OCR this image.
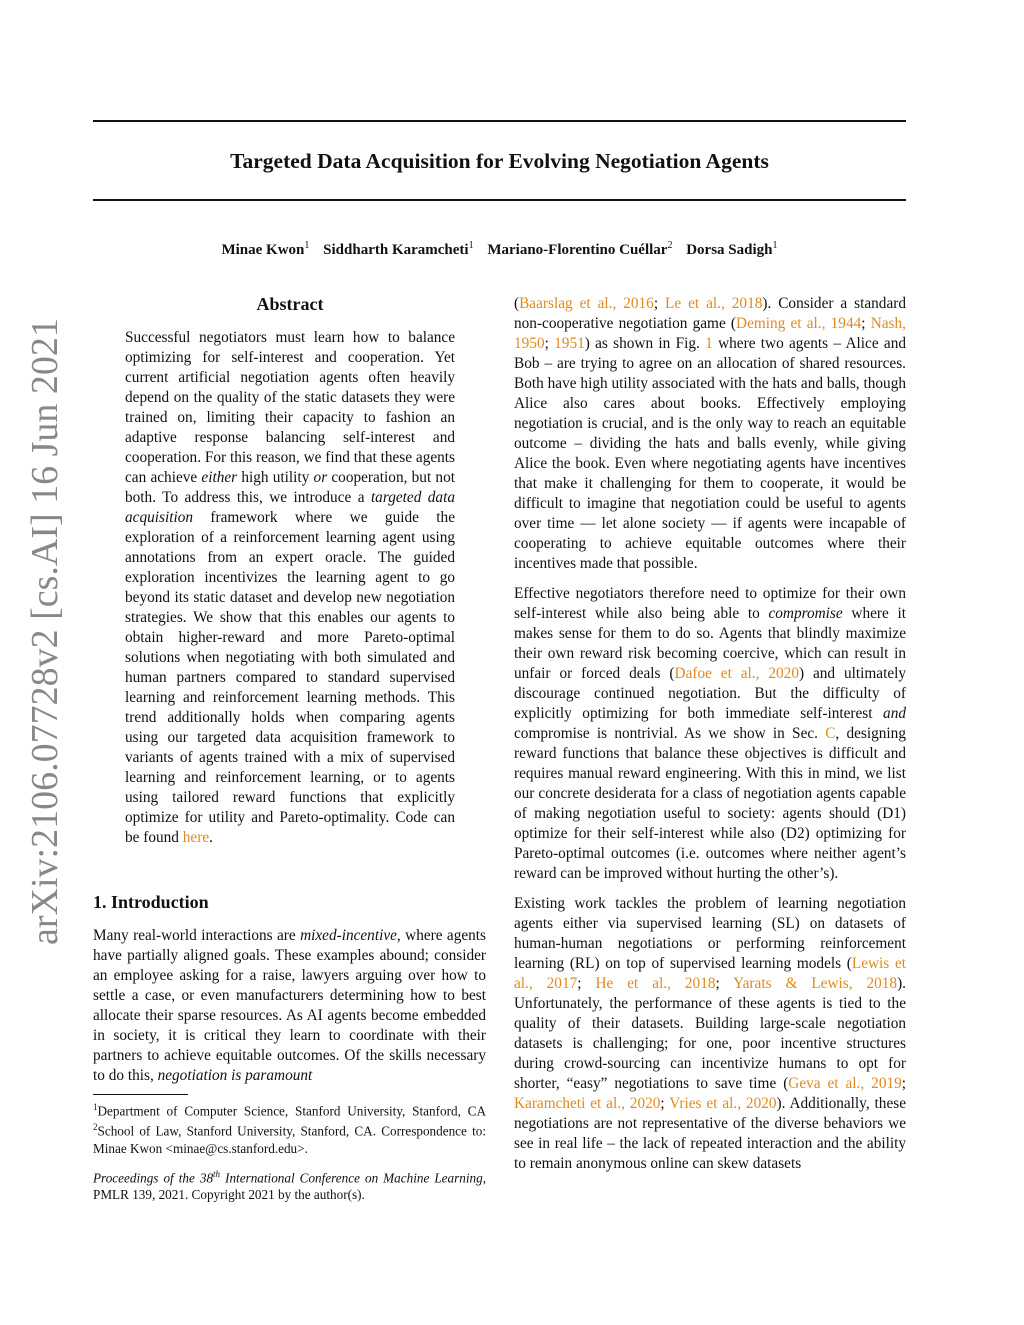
arXiv:2106.07728v2 [cs.AI] 16 Jun 2021
Targeted Data Acquisition for Evolving Negotiation Agents
Minae Kwon$^1$ Siddharth Karamcheti$^1$ Mariano-Florentino Cuéllar$^2$ Dorsa Sadigh$^1$
Abstract

Successful negotiators must learn how to balance optimizing for self-interest and cooperation. Yet current artificial negotiation agents often heavily depend on the quality of the static datasets they were trained on, limiting their capacity to fashion an adaptive response balancing self-interest and cooperation. For this reason, we find that these agents can achieve either high utility or cooperation, but not both. To address this, we introduce a targeted data acquisition framework where we guide the exploration of a reinforcement learning agent using annotations from an expert oracle. The guided exploration incentivizes the learning agent to go beyond its static dataset and develop new negotiation strategies. We show that this enables our agents to obtain higher-reward and more Pareto-optimal solutions when negotiating with both simulated and human partners compared to standard supervised learning and reinforcement learning methods. This trend additionally holds when comparing agents using our targeted data acquisition framework to variants of agents trained with a mix of supervised learning and reinforcement learning, or to agents using tailored reward functions that explicitly optimize for utility and Pareto-optimality. Code can be found here.

1. Introduction

Many real-world interactions are mixed-incentive, where agents have partially aligned goals. These examples abound; consider an employee asking for a raise, lawyers arguing over how to settle a case, or even manufacturers determining how to best allocate their sparse resources. As AI agents become embedded in society, it is critical they learn to coordinate with their partners to achieve equitable outcomes. Of the skills necessary to do this, negotiation is paramount

$^1$Department of Computer Science, Stanford University, Stanford, CA $^2$School of Law, Stanford University, Stanford, CA. Correspondence to: Minae Kwon <minae@cs.stanford.edu>.
Proceedings of the 38th International Conference on Machine Learning, PMLR 139, 2021. Copyright 2021 by the author(s).

(Baarslag et al., 2016; Le et al., 2018). Consider a standard non-cooperative negotiation game (Deming et al., 1944; Nash, 1950; 1951) as shown in Fig. 1 where two agents – Alice and Bob – are trying to agree on an allocation of shared resources. Both have high utility associated with the hats and balls, though Alice also cares about books. Effectively employing negotiation is crucial, and is the only way to reach an equitable outcome – dividing the hats and balls evenly, while giving Alice the book. Even where negotiating agents have incentives that make it challenging for them to cooperate, it would be difficult to imagine that negotiation could be useful to agents over time — let alone society — if agents were incapable of cooperating to achieve equitable outcomes where their incentives made that possible.

Effective negotiators therefore need to optimize for their own self-interest while also being able to compromise where it makes sense for them to do so. Agents that blindly maximize their own reward risk becoming coercive, which can result in unfair or forced deals (Dafoe et al., 2020) and ultimately discourage continued negotiation. But the difficulty of explicitly optimizing for both immediate self-interest and compromise is nontrivial. As we show in Sec. C, designing reward functions that balance these objectives is difficult and requires manual reward engineering. With this in mind, we list our concrete desiderata for a class of negotiation agents capable of making negotiation useful to society: agents should (D1) optimize for their self-interest while also (D2) optimizing for Pareto-optimal outcomes (i.e. outcomes where neither agent’s reward can be improved without hurting the other’s).

Existing work tackles the problem of learning negotiation agents either via supervised learning (SL) on datasets of human-human negotiations or performing reinforcement learning (RL) on top of supervised learning models (Lewis et al., 2017; He et al., 2018; Yarats & Lewis, 2018). Unfortunately, the performance of these agents is tied to the quality of their datasets. Building large-scale negotiation datasets is challenging; for one, poor incentive structures during crowd-sourcing can incentivize humans to opt for shorter, “easy” negotiations to save time (Geva et al., 2019; Karamcheti et al., 2020; Vries et al., 2020). Additionally, these negotiations are not representative of the diverse behaviors we see in real life – the lack of repeated interaction and the ability to remain anonymous online can skew datasets
